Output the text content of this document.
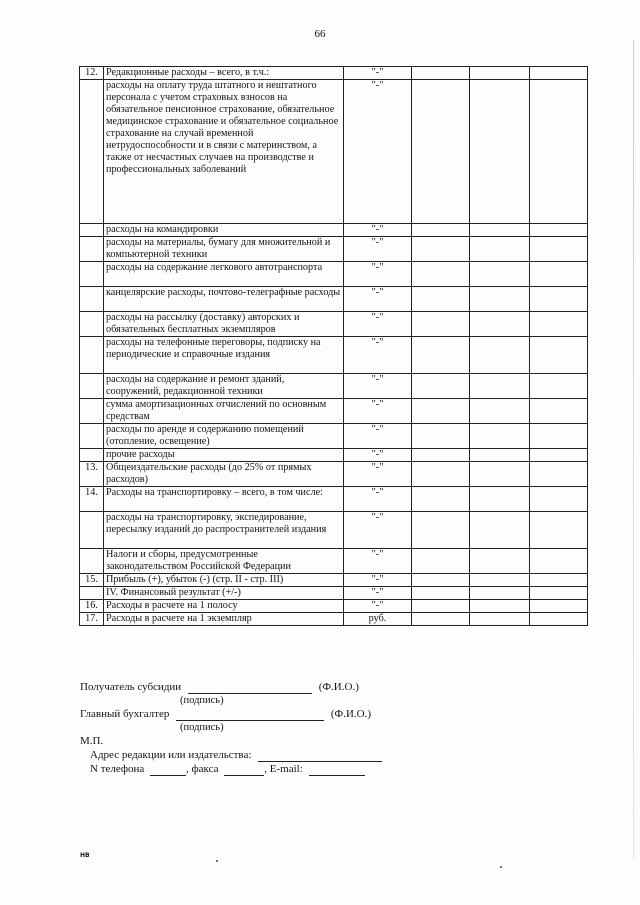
66
12.	Редакционные расходы – всего, в т.ч.:	"-"			
	расходы на оплату труда штатного и нештатного персонала с учетом страховых взносов на обязательное пенсионное страхование, обязательное медицинское страхование и обязательное социальное страхование на случай временной нетрудоспособности и в связи с материнством, а также от несчастных случаев на производстве и профессиональных заболеваний	"-"			
	расходы на командировки	"-"			
	расходы на материалы, бумагу для множительной и компьютерной техники	"-"			
	расходы на содержание легкового автотранспорта	"-"			
	канцелярские расходы, почтово-телеграфные расходы	"-"			
	расходы на рассылку (доставку) авторских и обязательных бесплатных экземпляров	"-"			
	расходы на телефонные переговоры, подписку на периодические и справочные издания	"-"			
	расходы на содержание и ремонт зданий, сооружений, редакционной техники	"-"			
	сумма амортизационных отчислений по основным средствам	"-"			
	расходы по аренде и содержанию помещений (отопление, освещение)	"-"			
	прочие расходы	"-"			
13.	Общеиздательские расходы (до 25% от прямых расходов)	"-"			
14.	Расходы на транспортировку – всего, в том числе:	"-"			
	расходы на транспортировку, экспедирование, пересылку изданий до распространителей издания	"-"			
	Налоги и сборы, предусмотренные законодательством Российской Федерации	"-"			
15.	Прибыль (+), убыток (-) (стр. II - стр. III)	"-"			
	IV. Финансовый результат (+/-)	"-"			
16.	Расходы в расчете на 1 полосу	"-"			
17.	Расходы в расчете на 1 экземпляр	руб.			
Получатель субсидии	(Ф.И.О.)
(подпись)
Главный бухгалтер	(Ф.И.О.)
(подпись)
М.П.
Адрес редакции или издательства:
N телефона	, факса	, E-mail:
НВ
